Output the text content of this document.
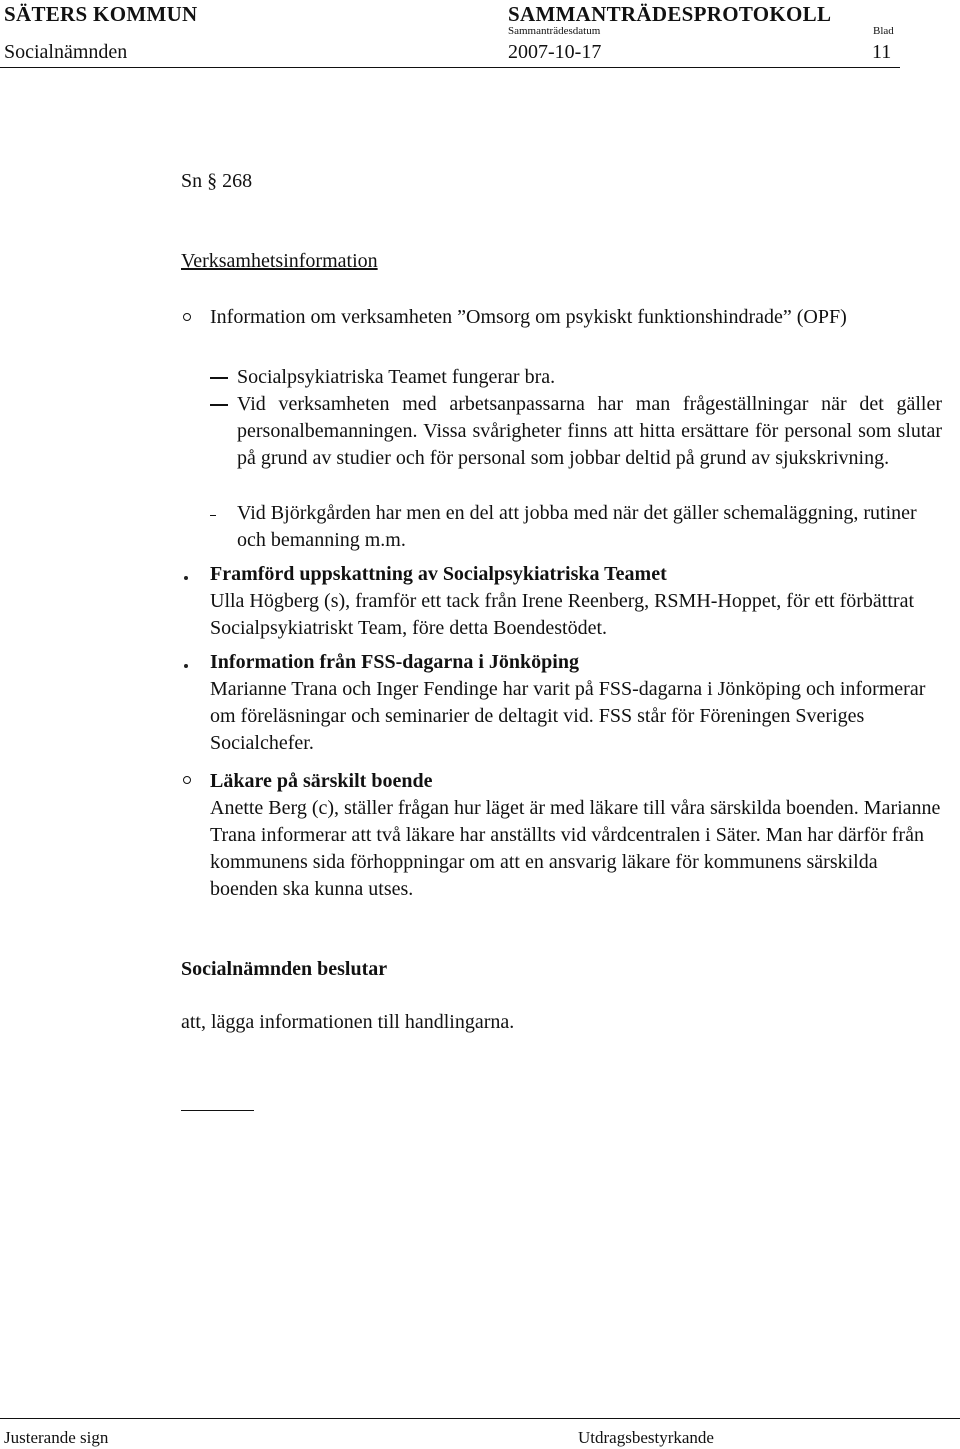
SÄTERS KOMMUN	SAMMANTRÄDESPROTOKOLL
Sammanträdesdatum	Blad
Socialnämnden	2007-10-17	11
Sn § 268
Verksamhetsinformation
Information om verksamheten ”Omsorg om psykiskt funktionshindrade” (OPF)
Socialpsykiatriska Teamet fungerar bra.
Vid verksamheten med arbetsanpassarna har man frågeställningar när det gäller personalbemanningen. Vissa svårigheter finns att hitta ersättare för personal som slutar på grund av studier och för personal som jobbar deltid på grund av sjukskrivning.
Vid Björkgården har men en del att jobba med när det gäller schemaläggning, rutiner och bemanning m.m.
Framförd uppskattning av Socialpsykiatriska Teamet
Ulla Högberg (s), framför ett tack från Irene Reenberg, RSMH-Hoppet, för ett förbättrat Socialpsykiatriskt Team, före detta Boendestödet.
Information från FSS-dagarna i Jönköping
Marianne Trana och Inger Fendinge har varit på FSS-dagarna i Jönköping och informerar om föreläsningar och seminarier de deltagit vid. FSS står för Föreningen Sveriges Socialchefer.
Läkare på särskilt boende
Anette Berg (c), ställer frågan hur läget är med läkare till våra särskilda boenden. Marianne Trana informerar att två läkare har anställts vid vårdcentralen i Säter. Man har därför från kommunens sida förhoppningar om att en ansvarig läkare för kommunens särskilda boenden ska kunna utses.
Socialnämnden beslutar
att, lägga informationen till handlingarna.
Justerande sign	Utdragsbestyrkande
